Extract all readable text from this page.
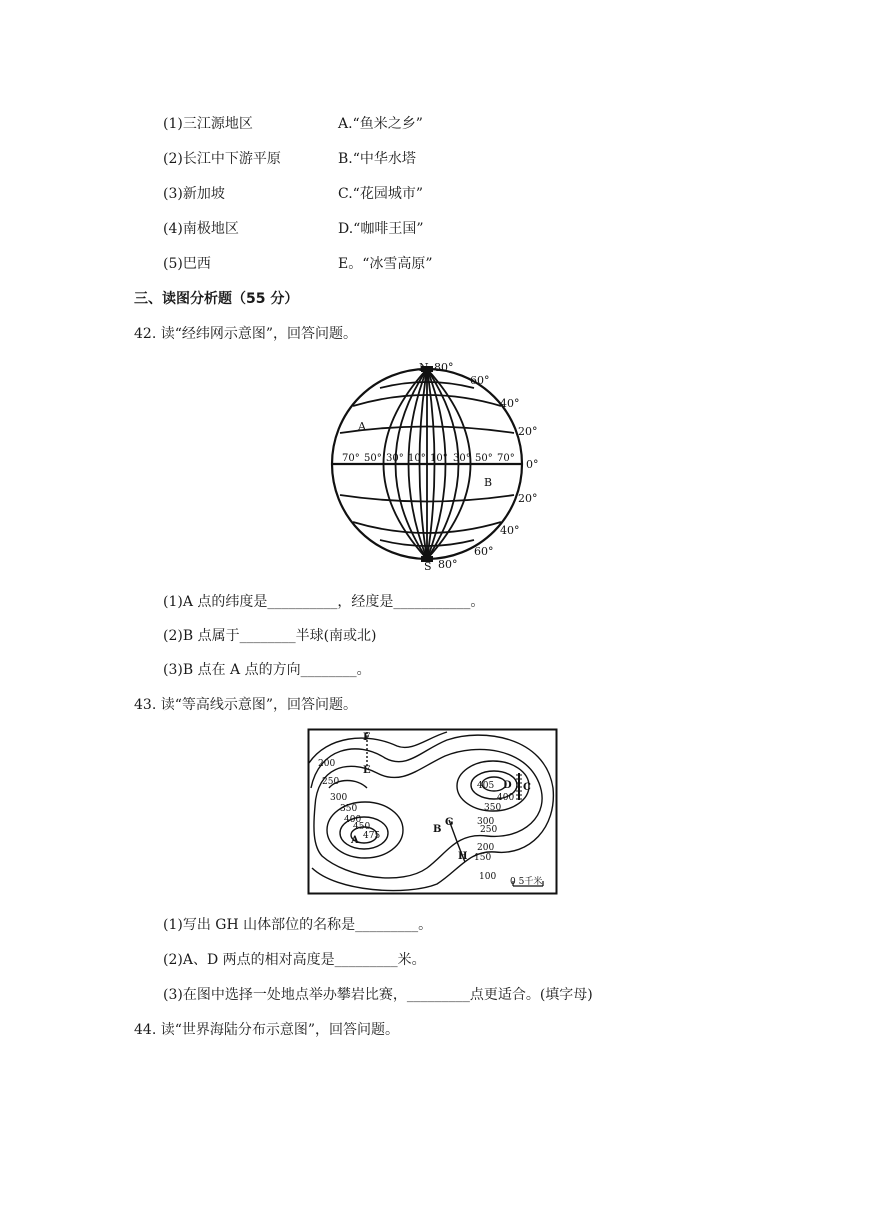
(1)三江源地区	A.“鱼米之乡”
(2)长江中下游平原	B.“中华水塔
(3)新加坡	C.“花园城市”
(4)南极地区	D.“咖啡王国”
(5)巴西	E。“冰雪高原”
三、读图分析题（55 分）
42. 读“经纬网示意图”，回答问题。
N 80°
60°
40°
20°
0°
20°
40°
60°
S 80°
A
B
70° 50° 30° 10° 10° 30° 50° 70°
(1)A 点的纬度是__________，经度是___________。
(2)B 点属于________半球(南或北)
(3)B 点在 A 点的方向________。
43. 读“等高线示意图”，回答问题。
200
250
300
350
400
450
475
405
400
350
300
250
200
150
100 0 5千米
A
B
C
D
E
F
G
H
(1)写出 GH 山体部位的名称是_________。
(2)A、D 两点的相对高度是_________米。
(3)在图中选择一处地点举办攀岩比赛，_________点更适合。(填字母)
44. 读“世界海陆分布示意图”，回答问题。
